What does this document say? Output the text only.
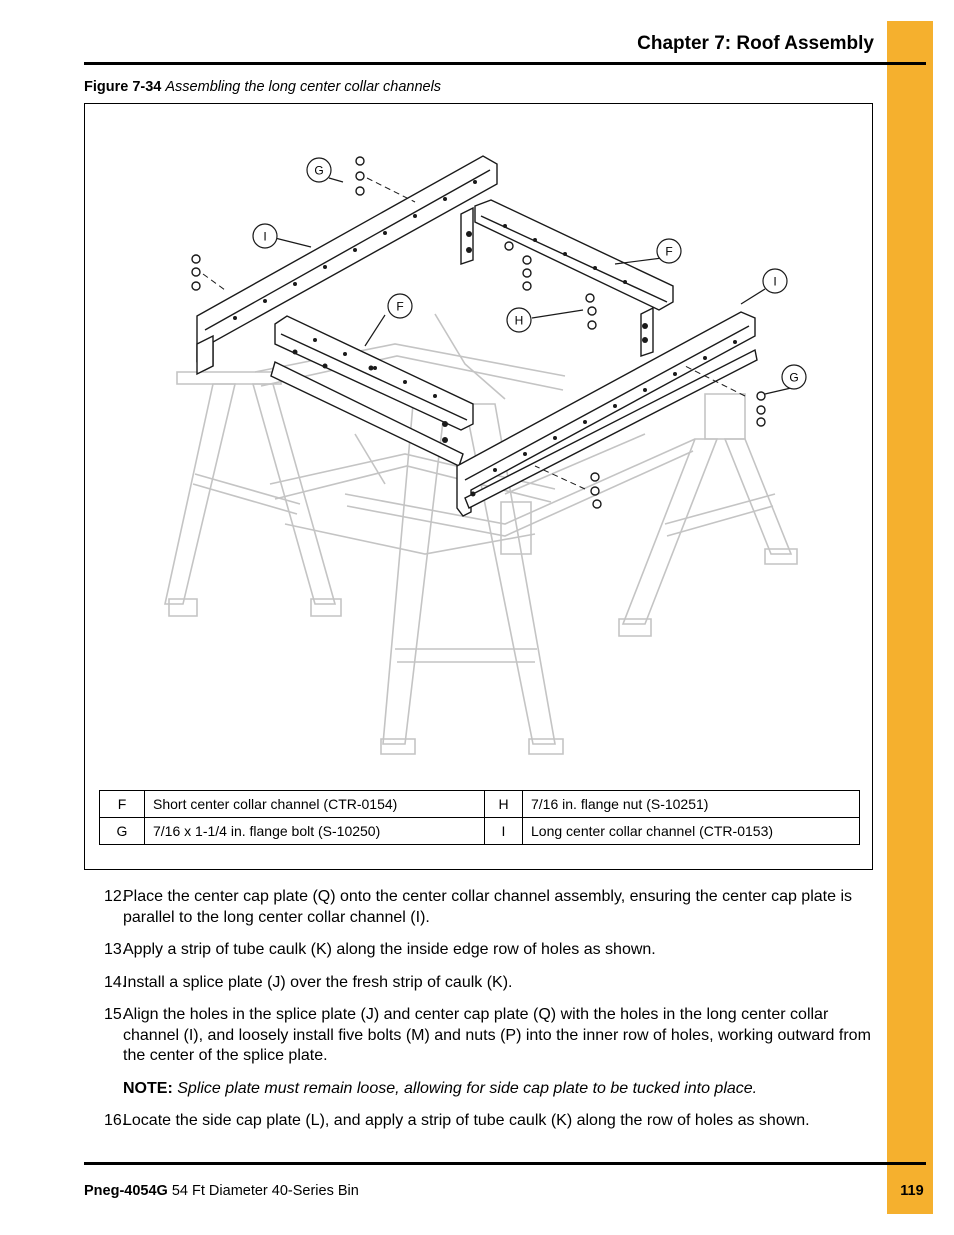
Chapter 7: Roof Assembly
Figure 7-34 Assembling the long center collar channels
G
I
F
F
H
I
G
F	Short center collar channel (CTR-0154)	H	7/16 in. flange nut (S-10251)
G	7/16 x 1-1/4 in. flange bolt (S-10250)	I	Long center collar channel (CTR-0153)
12.
Place the center cap plate (Q) onto the center collar channel assembly, ensuring the center cap plate is parallel to the long center collar channel (I).
13.
Apply a strip of tube caulk (K) along the inside edge row of holes as shown.
14.
Install a splice plate (J) over the fresh strip of caulk (K).
15.
Align the holes in the splice plate (J) and center cap plate (Q) with the holes in the long center collar channel (I), and loosely install five bolts (M) and nuts (P) into the inner row of holes, working outward from the center of the splice plate.
NOTE: Splice plate must remain loose, allowing for side cap plate to be tucked into place.
16.
Locate the side cap plate (L), and apply a strip of tube caulk (K) along the row of holes as shown.
Pneg-4054G 54 Ft Diameter 40-Series Bin	119
